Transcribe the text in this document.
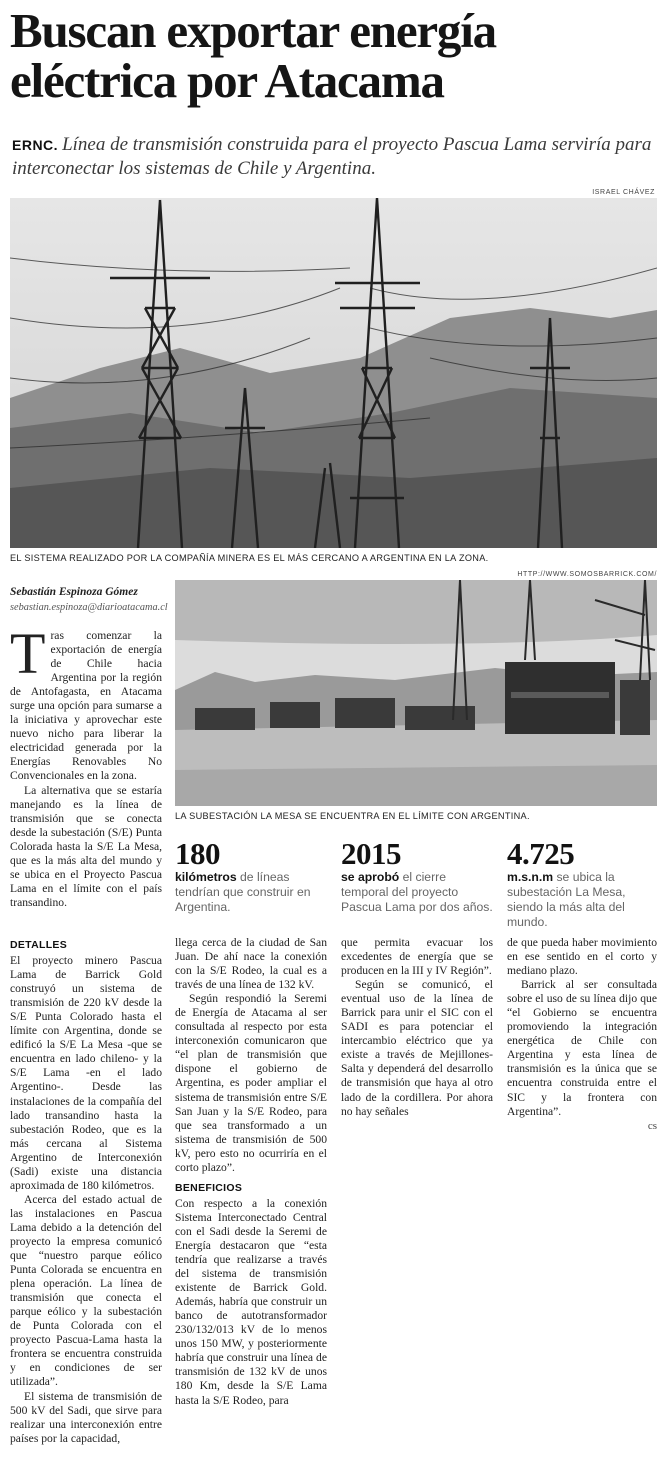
Buscan exportar energía eléctrica por Atacama
ERNC. Línea de transmisión construida para el proyecto Pascua Lama serviría para interconectar los sistemas de Chile y Argentina.
ISRAEL CHÁVEZ
EL SISTEMA REALIZADO POR LA COMPAÑÍA MINERA ES EL MÁS CERCANO A ARGENTINA EN LA ZONA.
HTTP://WWW.SOMOSBARRICK.COM/
LA SUBESTACIÓN LA MESA SE ENCUENTRA EN EL LÍMITE CON ARGENTINA.
Sebastián Espinoza Gómez
sebastian.espinoza@diarioatacama.cl

Tras comenzar la exportación de energía de Chile hacia Argentina por la región de Antofagasta, en Atacama surge una opción para sumarse a la iniciativa y aprovechar este nuevo nicho para liberar la electricidad generada por la Energías Renovables No Convencionales en la zona.

La alternativa que se estaría manejando es la línea de transmisión que se conecta desde la subestación (S/E) Punta Colorada hasta la S/E La Mesa, que es la más alta del mundo y se ubica en el Proyecto Pascua Lama en el límite con el país transandino.

180
kilómetros de líneas tendrían que construir en Argentina.
2015
se aprobó el cierre temporal del proyecto Pascua Lama por dos años.
4.725
m.s.n.m se ubica la subestación La Mesa, siendo la más alta del mundo.
DETALLES

El proyecto minero Pascua Lama de Barrick Gold construyó un sistema de transmisión de 220 kV desde la S/E Punta Colorado hasta el límite con Argentina, donde se edificó la S/E La Mesa -que se encuentra en lado chileno- y la S/E Lama -en el lado Argentino-. Desde las instalaciones de la compañía del lado transandino hasta la subestación Rodeo, que es la más cercana al Sistema Argentino de Interconexión (Sadi) existe una distancia aproximada de 180 kilómetros.

Acerca del estado actual de las instalaciones en Pascua Lama debido a la detención del proyecto la empresa comunicó que “nuestro parque eólico Punta Colorada se encuentra en plena operación. La línea de transmisión que conecta el parque eólico y la subestación de Punta Colorada con el proyecto Pascua-Lama hasta la frontera se encuentra construida y en condiciones de ser utilizada”.

El sistema de transmisión de 500 kV del Sadi, que sirve para realizar una interconexión entre países por la capacidad,

llega cerca de la ciudad de San Juan. De ahí nace la conexión con la S/E Rodeo, la cual es a través de una línea de 132 kV.

Según respondió la Seremi de Energía de Atacama al ser consultada al respecto por esta interconexión comunicaron que “el plan de transmisión que dispone el gobierno de Argentina, es poder ampliar el sistema de transmisión entre S/E San Juan y la S/E Rodeo, para que sea transformado a un sistema de transmisión de 500 kV, pero esto no ocurriría en el corto plazo”.

BENEFICIOS

Con respecto a la conexión Sistema Interconectado Central con el Sadi desde la Seremi de Energía destacaron que “esta tendría que realizarse a través del sistema de transmisión existente de Barrick Gold. Además, habría que construir un banco de autotransformador 230/132/013 kV de lo menos unos 150 MW, y posteriormente habría que construir una línea de transmisión de 132 kV de unos 180 Km, desde la S/E Lama hasta la S/E Rodeo, para

que permita evacuar los excedentes de energía que se producen en la III y IV Región”.

Según se comunicó, el eventual uso de la línea de Barrick para unir el SIC con el SADI es para potenciar el intercambio eléctrico que ya existe a través de Mejillones-Salta y dependerá del desarrollo de transmisión que haya al otro lado de la cordillera. Por ahora no hay señales

de que pueda haber movimiento en ese sentido en el corto y mediano plazo.

Barrick al ser consultada sobre el uso de su línea dijo que “el Gobierno se encuentra promoviendo la integración energética de Chile con Argentina y esta línea de transmisión es la única que se encuentra construida entre el SIC y la frontera con Argentina”.

cs
